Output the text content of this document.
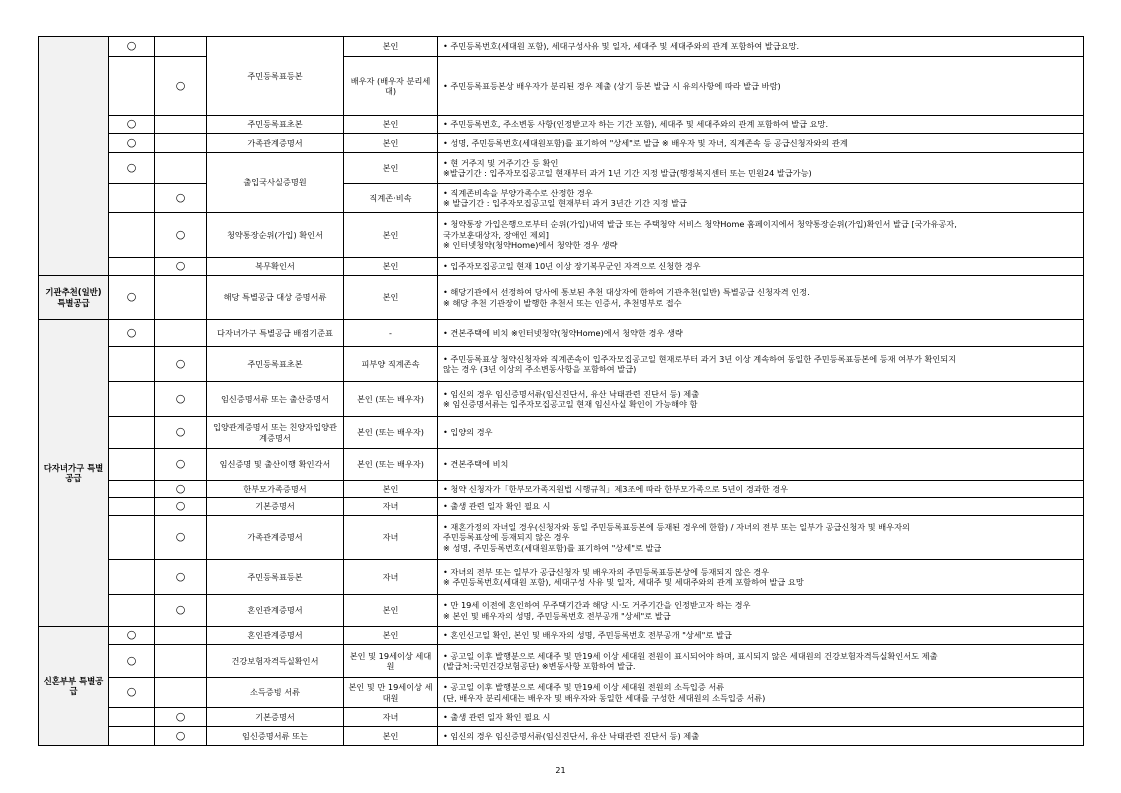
	○		주민등록표등본	본인	• 주민등록번호(세대원 포함), 세대구성사유 및 일자, 세대주 및 세대주와의 관계 포함하여 발급요망.
		○		배우자 (배우자 분리세대)	• 주민등록표등본상 배우자가 분리된 경우 제출 (상기 등본 발급 시 유의사항에 따라 발급 바람)
	○		주민등록표초본	본인	• 주민등록번호, 주소변동 사항(인정받고자 하는 기간 포함), 세대주 및 세대주와의 관계 포함하여 발급 요망.
	○		가족관계증명서	본인	• 성명, 주민등록번호(세대원포함)를 표기하여 "상세"로 발급 ※ 배우자 및 자녀, 직계존속 등 공급신청자와의 관계
	○		출입국사실증명원	본인	• 현 거주지 및 거주기간 등 확인
※발급기간 : 입주자모집공고일 현재부터 과거 1년 기간 지정 발급(행정복지센터 또는 민원24 발급가능)
		○		직계존·비속	• 직계존비속을 부양가족수로 산정한 경우
※ 발급기간 : 입주자모집공고일 현재부터 과거 3년간 기간 지정 발급
		○	청약통장순위(가입) 확인서	본인	• 청약통장 가입은행으로부터 순위(가입)내역 발급 또는 주택청약 서비스 청약Home 홈페이지에서 청약통장순위(가입)확인서 발급 [국가유공자,
국가보훈대상자, 장애인 제외]
※ 인터넷청약(청약Home)에서 청약한 경우 생략
		○	복무확인서	본인	• 입주자모집공고일 현재 10년 이상 장기복무군인 자격으로 신청한 경우
기관추천(일반) 특별공급	○		해당 특별공급 대상 증명서류	본인	• 해당기관에서 선정하여 당사에 통보된 추천 대상자에 한하여 기관추천(일반) 특별공급 신청자격 인정.
※ 해당 추천 기관장이 발행한 추천서 또는 인증서, 추천명부로 접수
다자녀가구 특별공급	○		다자녀가구 특별공급 배점기준표	-	• 견본주택에 비치 ※인터넷청약(청약Home)에서 청약한 경우 생략
		○	주민등록표초본	피부양 직계존속	• 주민등록표상 청약신청자와 직계존속이 입주자모집공고일 현재로부터 과거 3년 이상 계속하여 동일한 주민등록표등본에 등재 여부가 확인되지
않는 경우 (3년 이상의 주소변동사항을 포함하여 발급)
		○	임신증명서류 또는 출산증명서	본인 (또는 배우자)	• 임신의 경우 임신증명서류(임신진단서, 유산 낙태관련 진단서 등) 제출
※ 임신증명서류는 입주자모집공고일 현재 임신사실 확인이 가능해야 함
		○	입양관계증명서 또는 친양자입양관계증명서	본인 (또는 배우자)	• 입양의 경우
		○	임신증명 및 출산이행 확인각서	본인 (또는 배우자)	• 견본주택에 비치
		○	한부모가족증명서	본인	• 청약 신청자가「한부모가족지원법 시행규칙」제3조에 따라 한부모가족으로 5년이 경과한 경우
		○	기본증명서	자녀	• 출생 관련 일자 확인 필요 시
		○	가족관계증명서	자녀	• 재혼가정의 자녀일 경우(신청자와 동일 주민등록표등본에 등재된 경우에 한함) / 자녀의 전부 또는 일부가 공급신청자 및 배우자의
주민등록표상에 등재되지 않은 경우
※ 성명, 주민등록번호(세대원포함)를 표기하여 "상세"로 발급
		○	주민등록표등본	자녀	• 자녀의 전부 또는 일부가 공급신청자 및 배우자의 주민등록표등본상에 등재되지 않은 경우
※ 주민등록번호(세대원 포함), 세대구성 사유 및 일자, 세대주 및 세대주와의 관계 포함하여 발급 요망
		○	혼인관계증명서	본인	• 만 19세 이전에 혼인하여 무주택기간과 해당 시·도 거주기간을 인정받고자 하는 경우
※ 본인 및 배우자의 성명, 주민등록번호 전부공개 "상세"로 발급
신혼부부 특별공급	○		혼인관계증명서	본인	• 혼인신고일 확인, 본인 및 배우자의 성명, 주민등록번호 전부공개 "상세"로 발급
	○		건강보험자격득실확인서	본인 및 19세이상 세대원	• 공고일 이후 발행분으로 세대주 및 만19세 이상 세대원 전원이 표시되어야 하며, 표시되지 않은 세대원의 건강보험자격득실확인서도 제출
(발급처:국민건강보험공단) ※변동사항 포함하여 발급.
	○		소득증빙 서류	본인 및 만 19세이상 세대원	• 공고일 이후 발행분으로 세대주 및 만19세 이상 세대원 전원의 소득입증 서류
(단, 배우자 분리세대는 배우자 및 배우자와 동일한 세대를 구성한 세대원의 소득입증 서류)
		○	기본증명서	자녀	• 출생 관련 일자 확인 필요 시
		○	임신증명서류 또는	본인	• 임신의 경우 임신증명서류(임신진단서, 유산 낙태관련 진단서 등) 제출
21
